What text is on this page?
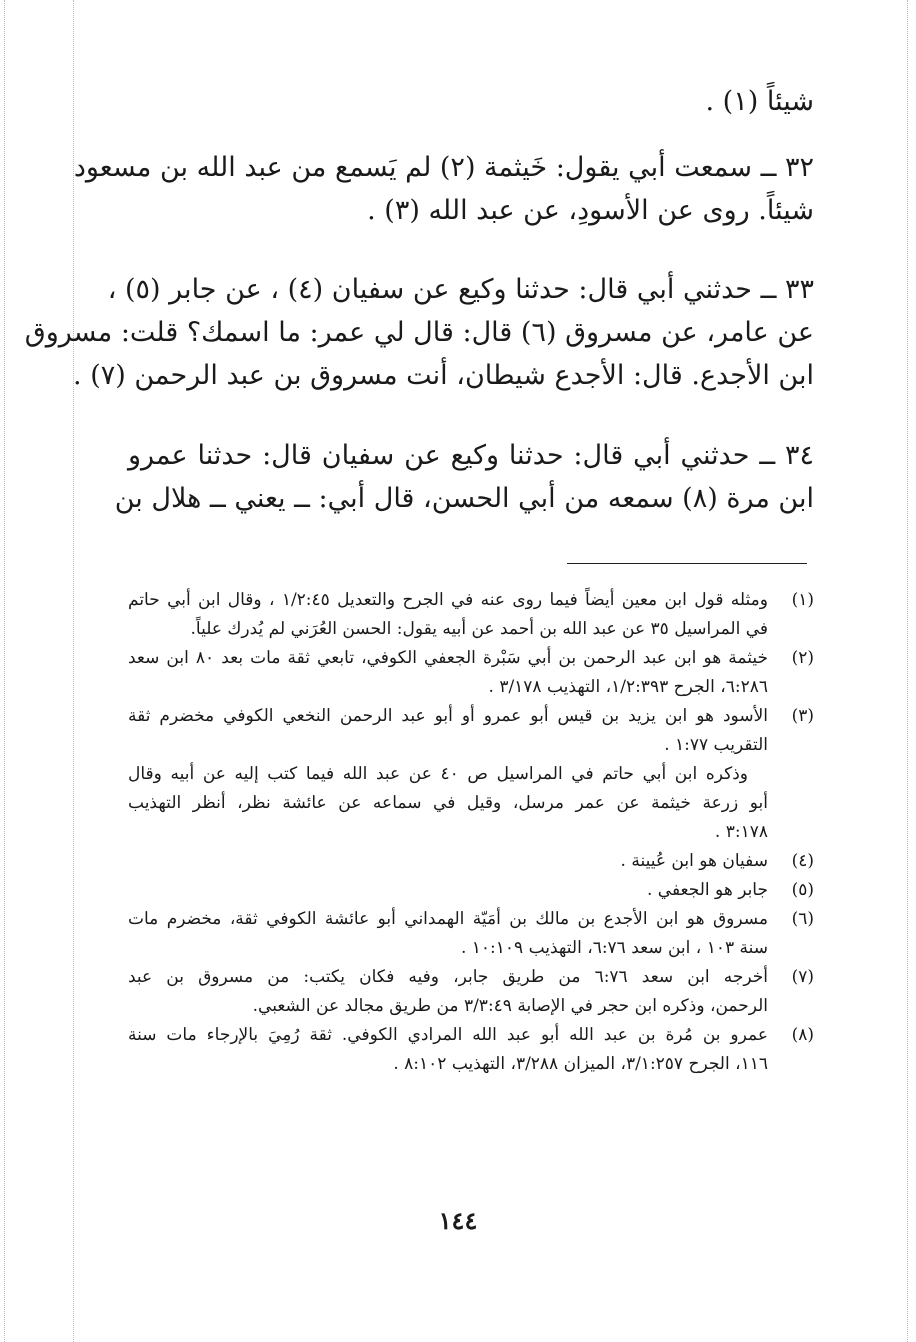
شيئاً (١) .
٣٢ ــ سمعت أبي يقول: خَيثمة (٢) لم يَسمع من عبد الله بن مسعود
شيئاً. روى عن الأسودِ، عن عبد الله (٣) .
٣٣ ــ حدثني أبي قال: حدثنا وكيع عن سفيان (٤) ، عن جابر (٥) ،
عن عامر، عن مسروق (٦) قال: قال لي عمر: ما اسمك؟ قلت: مسروق
ابن الأجدع. قال: الأجدع شيطان، أنت مسروق بن عبد الرحمن (٧) .
٣٤ ــ حدثني أبي قال: حدثنا وكيع عن سفيان قال: حدثنا عمرو
ابن مرة (٨) سمعه من أبي الحسن، قال أبي: ــ يعني ــ هلال بن
(١)
ومثله قول ابن معين أيضاً فيما روى عنه في الجرح والتعديل ١/٢:٤٥ ، وقال ابن أبي حاتم
في المراسيل ٣٥ عن عبد الله بن أحمد عن أبيه يقول: الحسن العُرَني لم يُدرك علياً.
(٢)
خيثمة هو ابن عبد الرحمن بن أبي سَبْرة الجعفي الكوفي، تابعي ثقة مات بعد ٨٠ ابن سعد
٦:٢٨٦، الجرح ١/٢:٣٩٣، التهذيب ٣/١٧٨ .
(٣)
الأسود هو ابن يزيد بن قيس أبو عمرو أو أبو عبد الرحمن النخعي الكوفي مخضرم ثقة
التقريب ١:٧٧ .
وذكره ابن أبي حاتم في المراسيل ص ٤٠ عن عبد الله فيما كتب إليه عن أبيه وقال
أبو زرعة خيثمة عن عمر مرسل، وقيل في سماعه عن عائشة نظر، أنظر التهذيب
٣:١٧٨ .
(٤)
سفيان هو ابن عُيينة .
(٥)
جابر هو الجعفي .
(٦)
مسروق هو ابن الأجدع بن مالك بن أمَيّة الهمداني أبو عائشة الكوفي ثقة، مخضرم مات
سنة ١٠٣ ، ابن سعد ٦:٧٦، التهذيب ١٠:١٠٩ .
(٧)
أخرجه ابن سعد ٦:٧٦ من طريق جابر، وفيه فكان يكتب: من مسروق بن عبد
الرحمن، وذكره ابن حجر في الإصابة ٣/٣:٤٩ من طريق مجالد عن الشعبي.
(٨)
عمرو بن مُرة بن عبد الله أبو عبد الله المرادي الكوفي. ثقة رُمِيَ بالإرجاء مات سنة
١١٦، الجرح ٣/١:٢٥٧، الميزان ٣/٢٨٨، التهذيب ٨:١٠٢ .
١٤٤
